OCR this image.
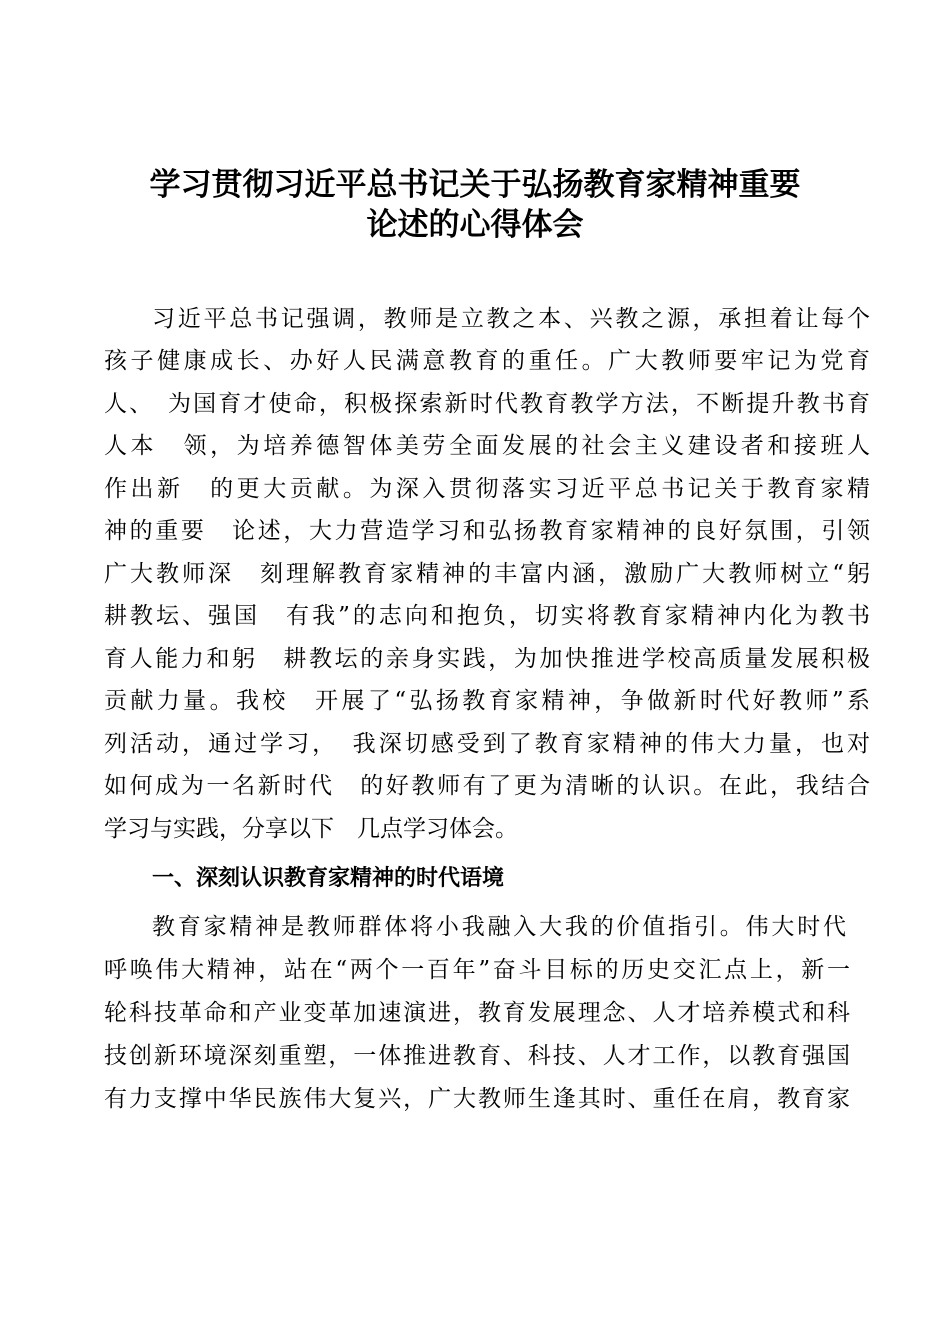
学习贯彻习近平总书记关于弘扬教育家精神重要
论述的心得体会
习近平总书记强调，教师是立教之本、兴教之源，承担着让每个
孩子健康成长、办好人民满意教育的重任。广大教师要牢记为党育
人、　为国育才使命，积极探索新时代教育教学方法，不断提升教书育
人本　领，为培养德智体美劳全面发展的社会主义建设者和接班人
作出新　的更大贡献。为深入贯彻落实习近平总书记关于教育家精
神的重要　论述，大力营造学习和弘扬教育家精神的良好氛围，引领
广大教师深　刻理解教育家精神的丰富内涵，激励广大教师树立“躬
耕教坛、强国　有我”的志向和抱负，切实将教育家精神内化为教书
育人能力和躬　耕教坛的亲身实践，为加快推进学校高质量发展积极
贡献力量。我校　开展了“弘扬教育家精神，争做新时代好教师”系
列活动，通过学习，　我深切感受到了教育家精神的伟大力量，也对
如何成为一名新时代　的好教师有了更为清晰的认识。在此，我结合
学习与实践，分享以下　几点学习体会。
一、深刻认识教育家精神的时代语境
教育家精神是教师群体将小我融入大我的价值指引。伟大时代
呼唤伟大精神，站在“两个一百年”奋斗目标的历史交汇点上，新一
轮科技革命和产业变革加速演进，教育发展理念、人才培养模式和科
技创新环境深刻重塑，一体推进教育、科技、人才工作，以教育强国
有力支撑中华民族伟大复兴，广大教师生逢其时、重任在肩，教育家
